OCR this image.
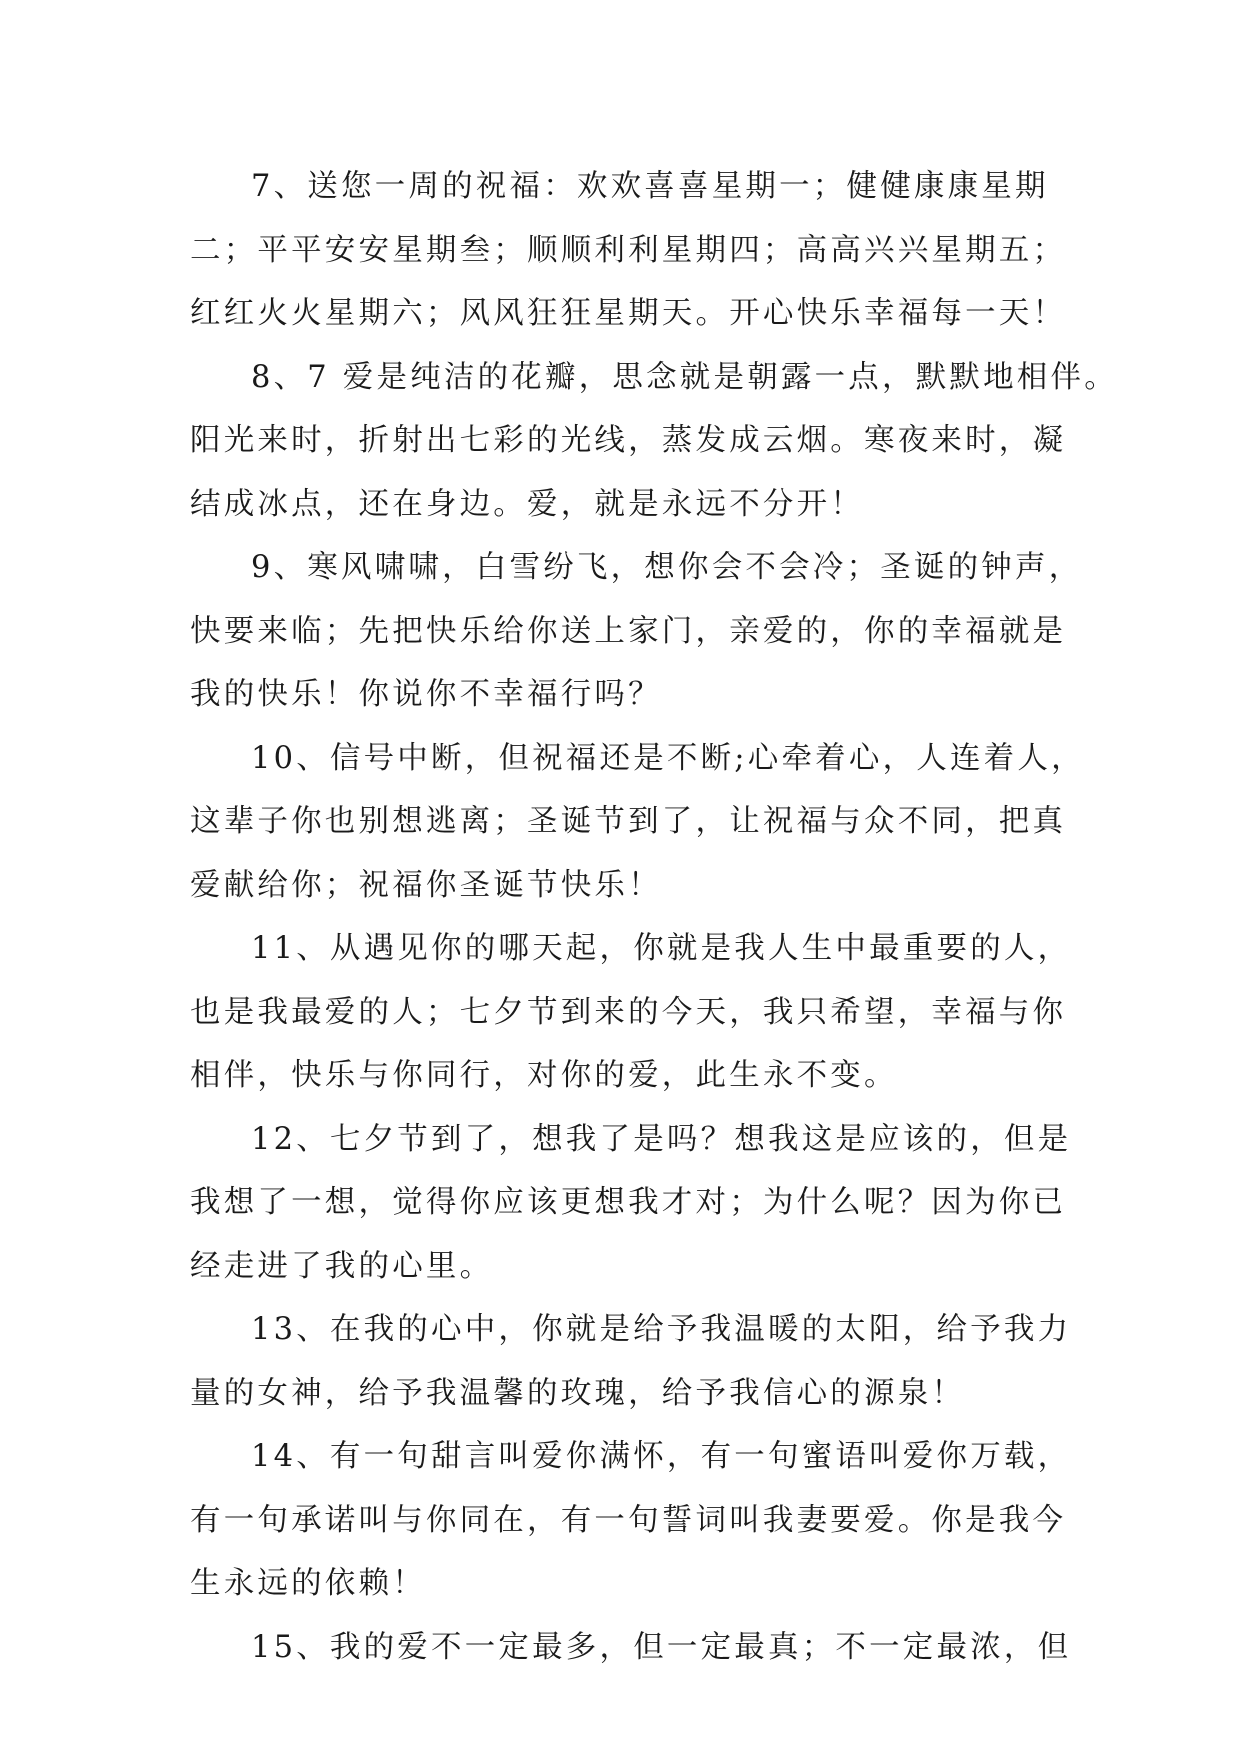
7、送您一周的祝福：欢欢喜喜星期一；健健康康星期
二；平平安安星期叁；顺顺利利星期四；高高兴兴星期五；
红红火火星期六；风风狂狂星期天。开心快乐幸福每一天！
8、7 爱是纯洁的花瓣，思念就是朝露一点，默默地相伴。
阳光来时，折射出七彩的光线，蒸发成云烟。寒夜来时，凝
结成冰点，还在身边。爱，就是永远不分开！
9、寒风啸啸，白雪纷飞，想你会不会冷；圣诞的钟声，
快要来临；先把快乐给你送上家门，亲爱的，你的幸福就是
我的快乐！你说你不幸福行吗？
10、信号中断，但祝福还是不断;心牵着心，人连着人，
这辈子你也别想逃离；圣诞节到了，让祝福与众不同，把真
爱献给你；祝福你圣诞节快乐！
11、从遇见你的哪天起，你就是我人生中最重要的人，
也是我最爱的人；七夕节到来的今天，我只希望，幸福与你
相伴，快乐与你同行，对你的爱，此生永不变。
12、七夕节到了，想我了是吗？想我这是应该的，但是
我想了一想，觉得你应该更想我才对；为什么呢？因为你已
经走进了我的心里。
13、在我的心中，你就是给予我温暖的太阳，给予我力
量的女神，给予我温馨的玫瑰，给予我信心的源泉！
14、有一句甜言叫爱你满怀，有一句蜜语叫爱你万载，
有一句承诺叫与你同在，有一句誓词叫我妻要爱。你是我今
生永远的依赖！
15、我的爱不一定最多，但一定最真；不一定最浓，但
